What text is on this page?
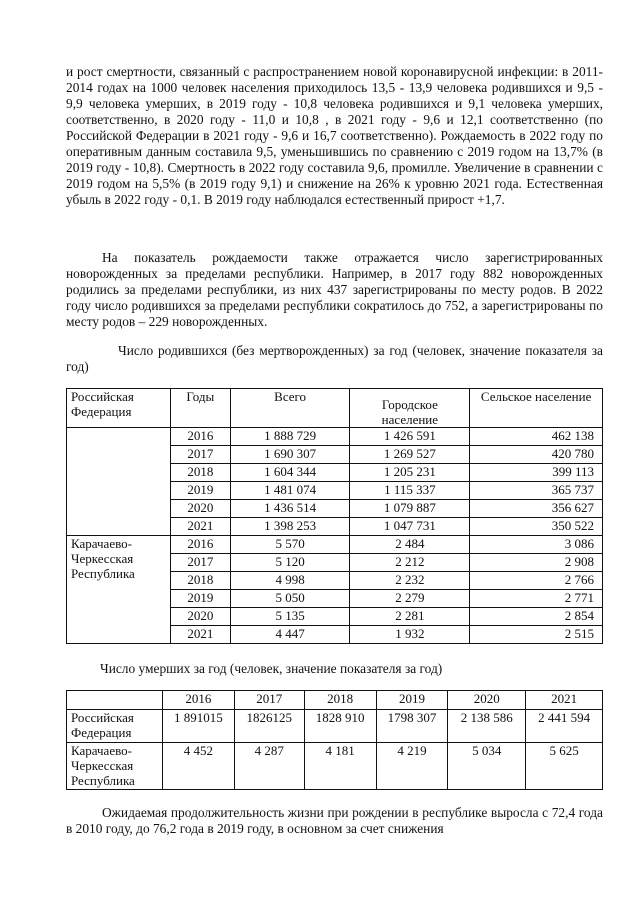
и рост смертности, связанный с распространением новой коронавирусной инфекции: в 2011-2014 годах на 1000 человек населения приходилось 13,5 - 13,9 человека родившихся и 9,5 - 9,9 человека умерших, в 2019 году - 10,8 человека родившихся и 9,1 человека умерших, соответственно, в 2020 году - 11,0 и 10,8 , в 2021 году - 9,6 и 12,1 соответственно (по Российской Федерации в 2021 году - 9,6 и 16,7 соответственно). Рождаемость в 2022 году по оперативным данным составила 9,5, уменьшившись по сравнению с 2019 годом на 13,7% (в 2019 году - 10,8). Смертность в 2022 году составила 9,6, промилле. Увеличение в сравнении с 2019 годом на 5,5% (в 2019 году 9,1) и снижение на 26% к уровню 2021 года. Естественная убыль в 2022 году - 0,1. В 2019 году наблюдался естественный прирост +1,7.

На показатель рождаемости также отражается число зарегистрированных новорожденных за пределами республики. Например, в 2017 году 882 новорожденных родились за пределами республики, из них 437 зарегистрированы по месту родов. В 2022 году число родившихся за пределами республики сократилось до 752, а зарегистрированы по месту родов – 229 новорожденных.

Число родившихся (без мертворожденных) за год (человек, значение показателя за год)

Российская Федерация	Годы	Всего	Городское население	Сельское население
	2016	1 888 729	1 426 591	462 138
	2017	1 690 307	1 269 527	420 780
	2018	1 604 344	1 205 231	399 113
	2019	1 481 074	1 115 337	365 737
	2020	1 436 514	1 079 887	356 627
	2021	1 398 253	1 047 731	350 522
Карачаево-Черкесская Республика	2016	5 570	2 484	3 086
	2017	5 120	2 212	2 908
	2018	4 998	2 232	2 766
	2019	5 050	2 279	2 771
	2020	5 135	2 281	2 854
	2021	4 447	1 932	2 515
Число умерших за год (человек, значение показателя за год)
	2016	2017	2018	2019	2020	2021
Российская Федерация	1 891015	1826125	1828 910	1798 307	2 138 586	2 441 594
Карачаево-Черкесская Республика	4 452	4 287	4 181	4 219	5 034	5 625

Ожидаемая продолжительность жизни при рождении в республике выросла с 72,4 года в 2010 году, до 76,2 года в 2019 году, в основном за счет снижения
